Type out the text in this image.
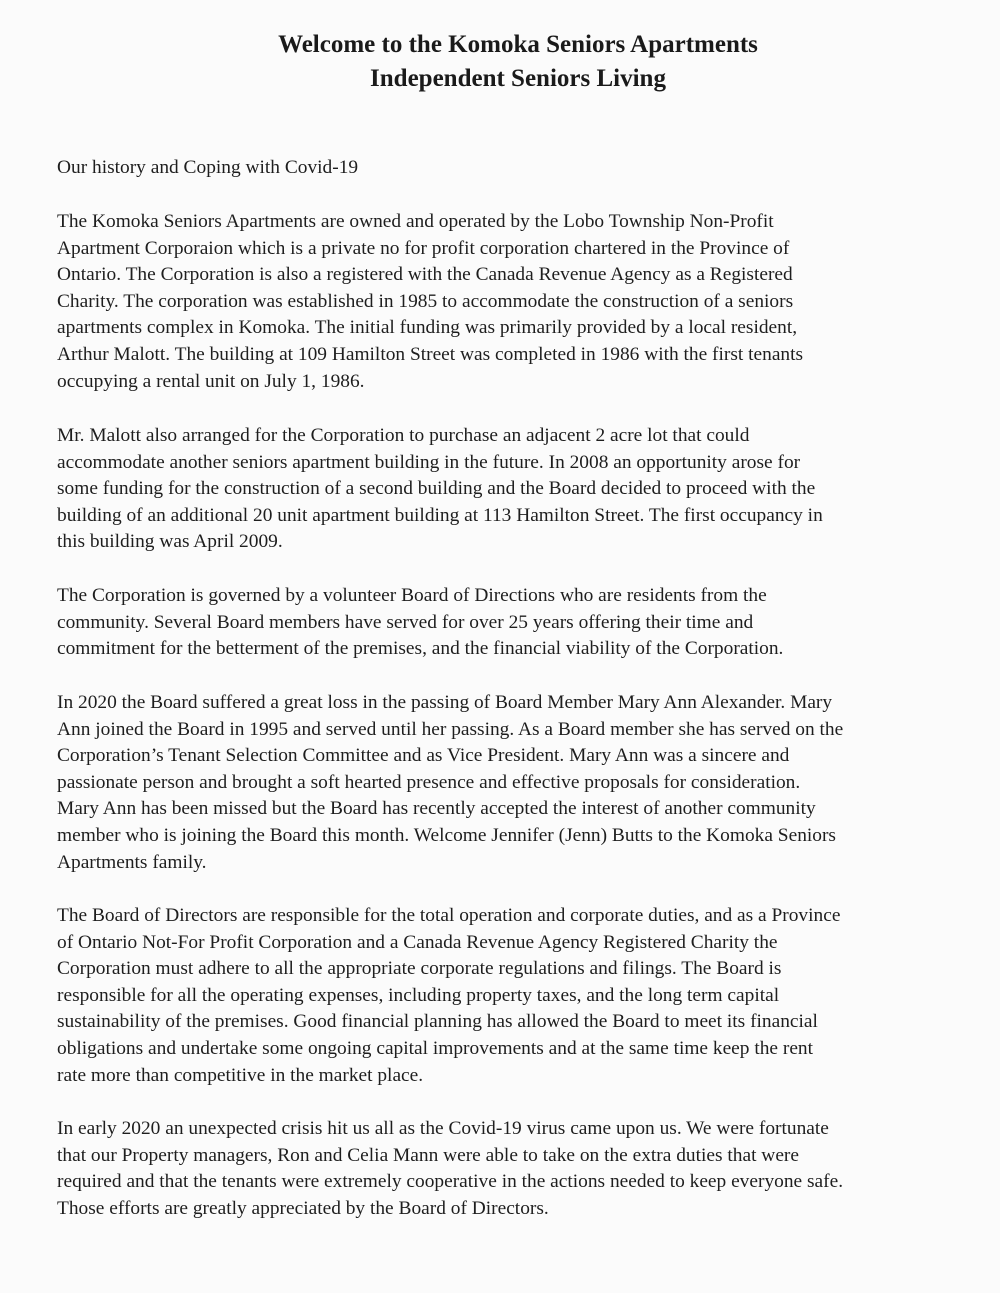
Welcome to the Komoka Seniors Apartments
Independent Seniors Living

Our history and Coping with Covid-19

The Komoka Seniors Apartments are owned and operated by the Lobo Township Non-Profit
Apartment Corporaion which is a private no for profit corporation chartered in the Province of
Ontario. The Corporation is also a registered with the Canada Revenue Agency as a Registered
Charity. The corporation was established in 1985 to accommodate the construction of a seniors
apartments complex in Komoka. The initial funding was primarily provided by a local resident,
Arthur Malott. The building at 109 Hamilton Street was completed in 1986 with the first tenants
occupying a rental unit on July 1, 1986.

Mr. Malott also arranged for the Corporation to purchase an adjacent 2 acre lot that could
accommodate another seniors apartment building in the future. In 2008 an opportunity arose for
some funding for the construction of a second building and the Board decided to proceed with the
building of an additional 20 unit apartment building at 113 Hamilton Street. The first occupancy in
this building was April 2009.

The Corporation is governed by a volunteer Board of Directions who are residents from the
community. Several Board members have served for over 25 years offering their time and
commitment for the betterment of the premises, and the financial viability of the Corporation.

In 2020 the Board suffered a great loss in the passing of Board Member Mary Ann Alexander. Mary
Ann joined the Board in 1995 and served until her passing. As a Board member she has served on the
Corporation’s Tenant Selection Committee and as Vice President. Mary Ann was a sincere and
passionate person and brought a soft hearted presence and effective proposals for consideration.
Mary Ann has been missed but the Board has recently accepted the interest of another community
member who is joining the Board this month. Welcome Jennifer (Jenn) Butts to the Komoka Seniors
Apartments family.

The Board of Directors are responsible for the total operation and corporate duties, and as a Province
of Ontario Not-For Profit Corporation and a Canada Revenue Agency Registered Charity the
Corporation must adhere to all the appropriate corporate regulations and filings. The Board is
responsible for all the operating expenses, including property taxes, and the long term capital
sustainability of the premises. Good financial planning has allowed the Board to meet its financial
obligations and undertake some ongoing capital improvements and at the same time keep the rent
rate more than competitive in the market place.

In early 2020 an unexpected crisis hit us all as the Covid-19 virus came upon us. We were fortunate
that our Property managers, Ron and Celia Mann were able to take on the extra duties that were
required and that the tenants were extremely cooperative in the actions needed to keep everyone safe.
Those efforts are greatly appreciated by the Board of Directors.
